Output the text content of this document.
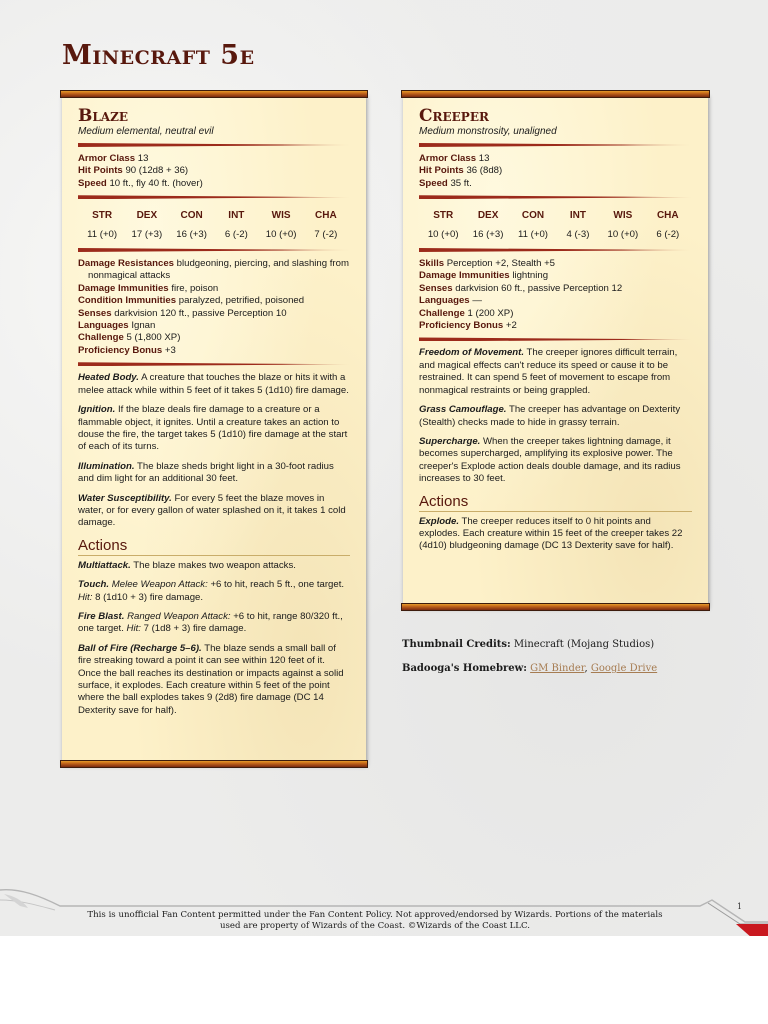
Minecraft 5e
Blaze

Medium elemental, neutral evil

Armor Class 13

Hit Points 90 (12d8 + 36)

Speed 10 ft., fly 40 ft. (hover)

STR
11 (+0)
DEX
17 (+3)
CON
16 (+3)
INT
6 (-2)
WIS
10 (+0)
CHA
7 (-2)

Damage Resistances bludgeoning, piercing, and slashing from nonmagical attacks

Damage Immunities fire, poison

Condition Immunities paralyzed, petrified, poisoned

Senses darkvision 120 ft., passive Perception 10

Languages Ignan

Challenge 5 (1,800 XP)

Proficiency Bonus +3

Heated Body. A creature that touches the blaze or hits it with a melee attack while within 5 feet of it takes 5 (1d10) fire damage.

Ignition. If the blaze deals fire damage to a creature or a flammable object, it ignites. Until a creature takes an action to douse the fire, the target takes 5 (1d10) fire damage at the start of each of its turns.

Illumination. The blaze sheds bright light in a 30-foot radius and dim light for an additional 30 feet.

Water Susceptibility. For every 5 feet the blaze moves in water, or for every gallon of water splashed on it, it takes 1 cold damage.

Actions

Multiattack. The blaze makes two weapon attacks.

Touch. Melee Weapon Attack: +6 to hit, reach 5 ft., one target. Hit: 8 (1d10 + 3) fire damage.

Fire Blast. Ranged Weapon Attack: +6 to hit, range 80/320 ft., one target. Hit: 7 (1d8 + 3) fire damage.

Ball of Fire (Recharge 5–6). The blaze sends a small ball of fire streaking toward a point it can see within 120 feet of it. Once the ball reaches its destination or impacts against a solid surface, it explodes. Each creature within 5 feet of the point where the ball explodes takes 9 (2d8) fire damage (DC 14 Dexterity save for half).

Creeper

Medium monstrosity, unaligned

Armor Class 13

Hit Points 36 (8d8)

Speed 35 ft.

STR
10 (+0)
DEX
16 (+3)
CON
11 (+0)
INT
4 (-3)
WIS
10 (+0)
CHA
6 (-2)

Skills Perception +2, Stealth +5

Damage Immunities lightning

Senses darkvision 60 ft., passive Perception 12

Languages —

Challenge 1 (200 XP)

Proficiency Bonus +2

Freedom of Movement. The creeper ignores difficult terrain, and magical effects can't reduce its speed or cause it to be restrained. It can spend 5 feet of movement to escape from nonmagical restraints or being grappled.

Grass Camouflage. The creeper has advantage on Dexterity (Stealth) checks made to hide in grassy terrain.

Supercharge. When the creeper takes lightning damage, it becomes supercharged, amplifying its explosive power. The creeper's Explode action deals double damage, and its radius increases to 30 feet.

Actions

Explode. The creeper reduces itself to 0 hit points and explodes. Each creature within 15 feet of the creeper takes 22 (4d10) bludgeoning damage (DC 13 Dexterity save for half).

Thumbnail Credits: Minecraft (Mojang Studios)

Badooga's Homebrew: GM Binder, Google Drive

This is unofficial Fan Content permitted under the Fan Content Policy. Not approved/endorsed by Wizards. Portions of the materials
used are property of Wizards of the Coast. ©Wizards of the Coast LLC.
1
